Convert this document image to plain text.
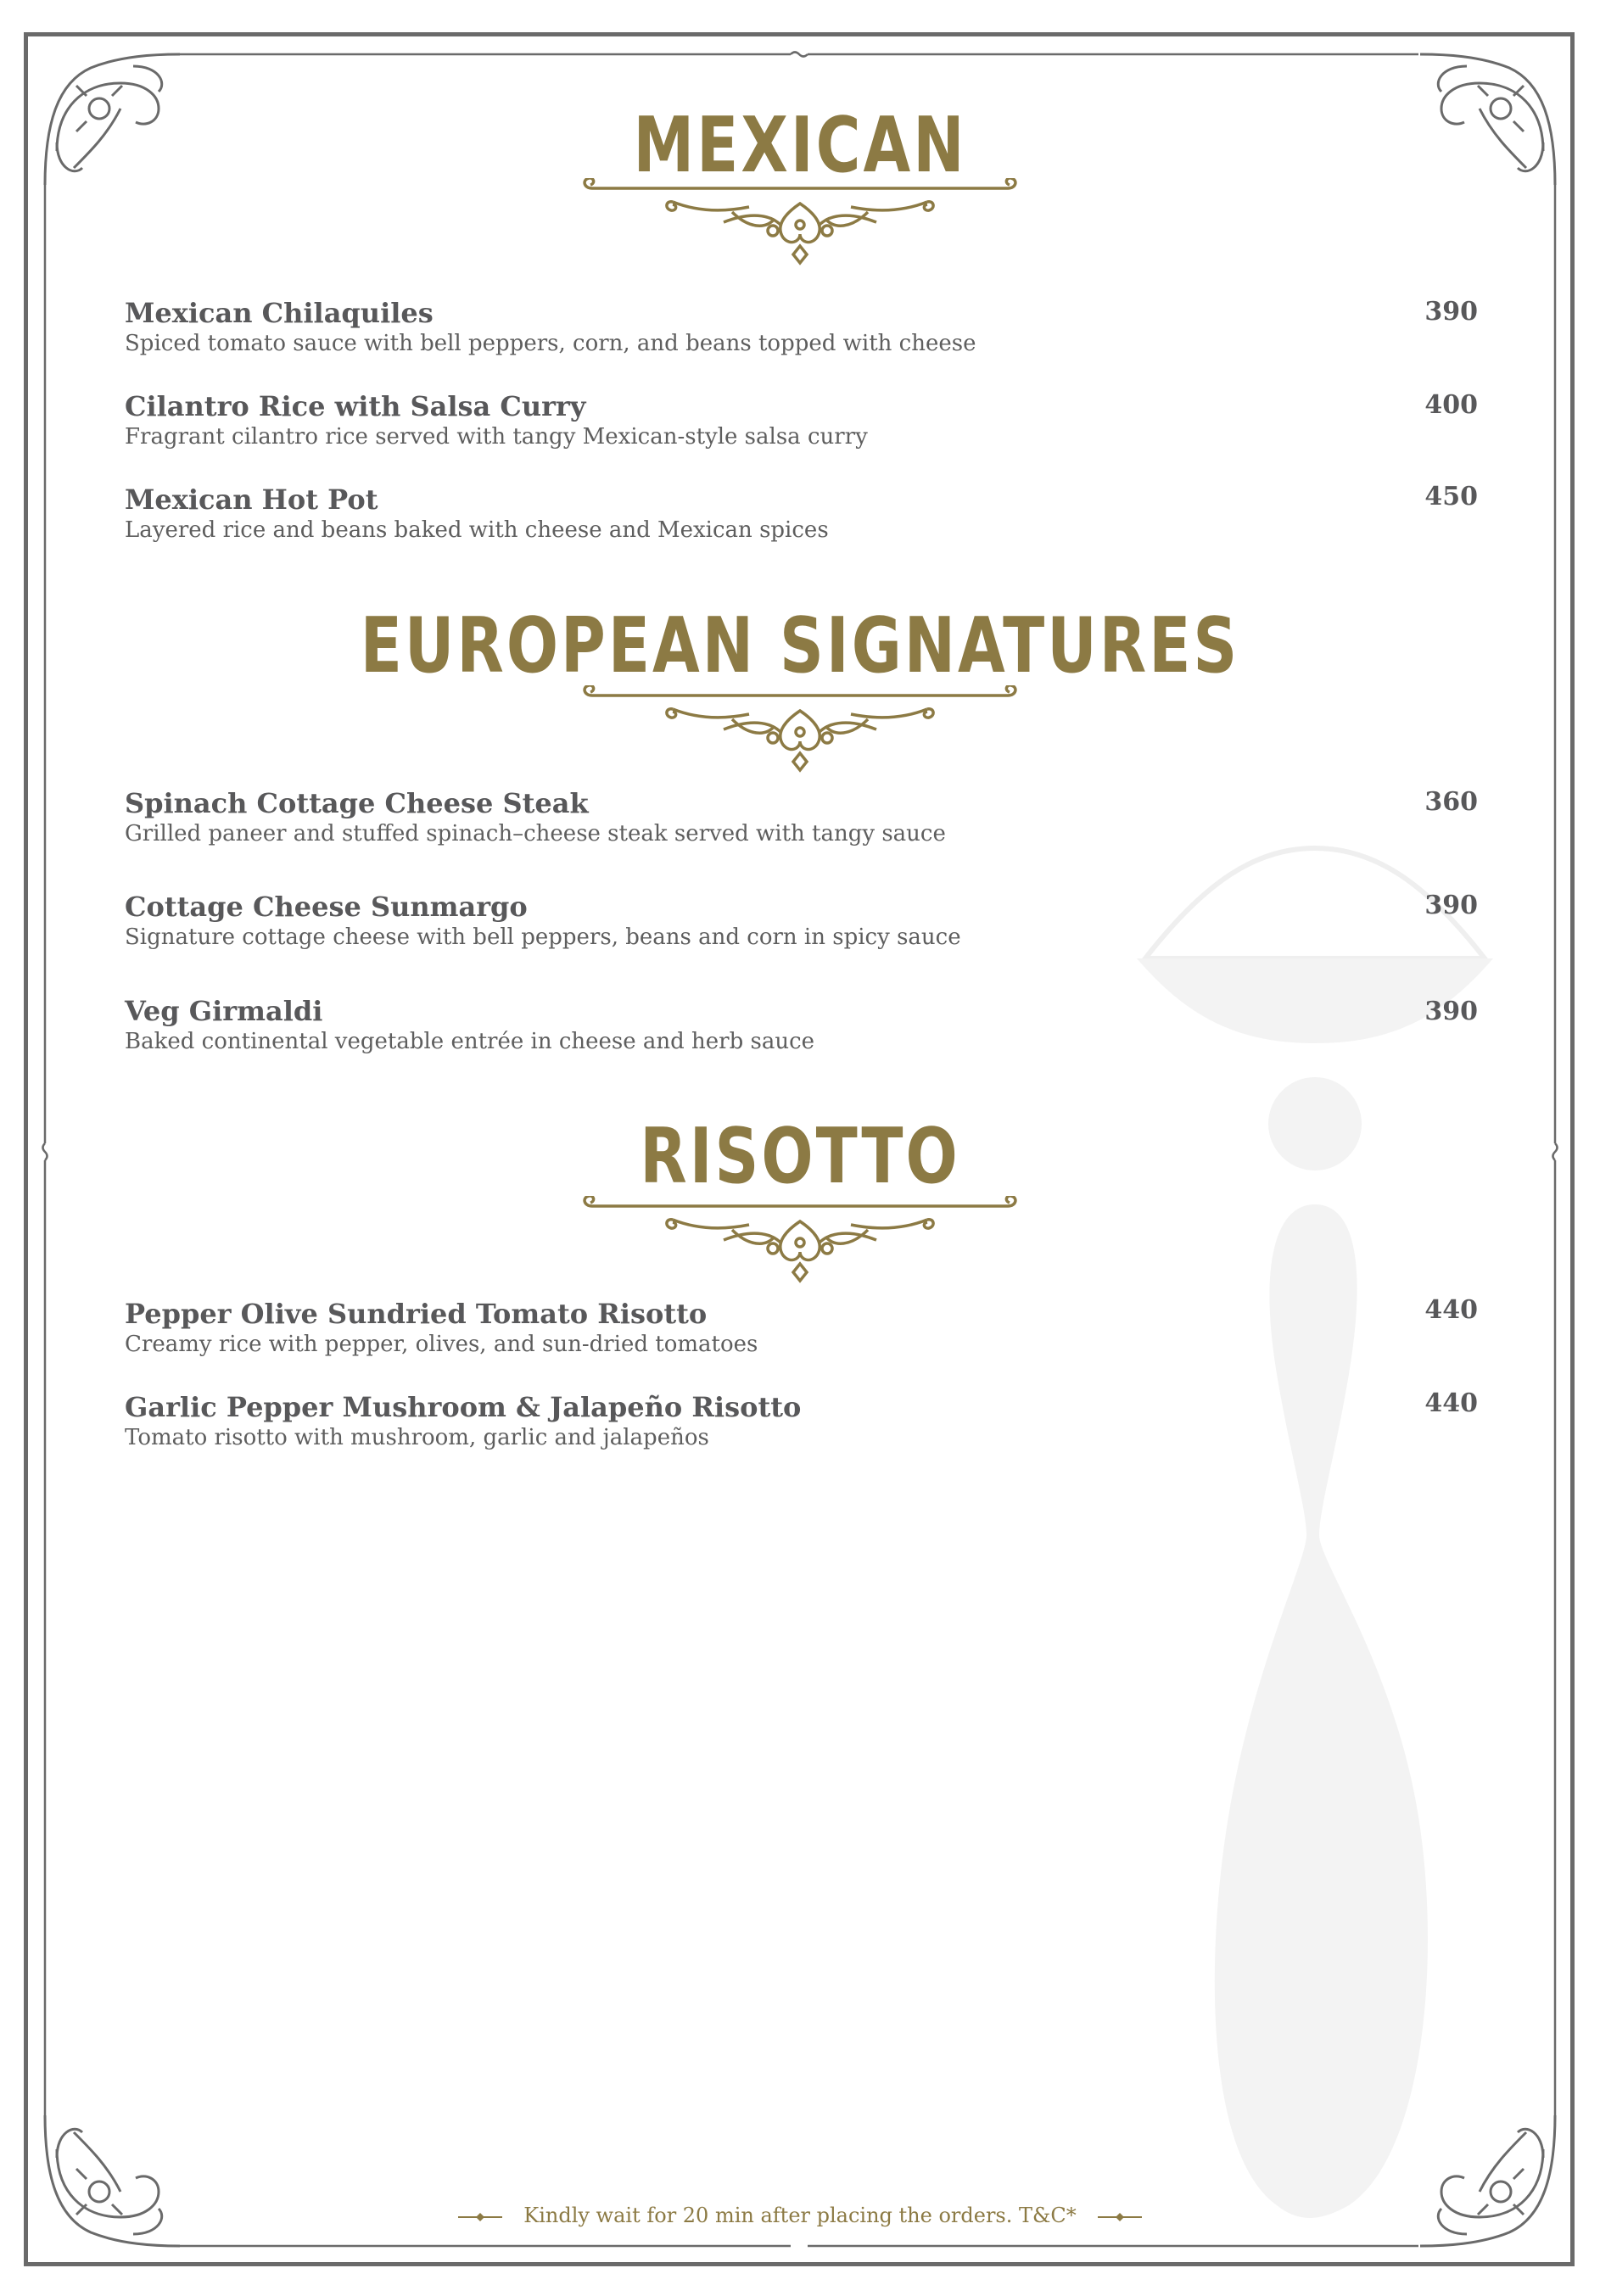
MEXICAN
Mexican Chilaquiles
Spiced tomato sauce with bell peppers, corn, and beans topped with cheese
390
Cilantro Rice with Salsa Curry
Fragrant cilantro rice served with tangy Mexican-style salsa curry
400
Mexican Hot Pot
Layered rice and beans baked with cheese and Mexican spices
450
EUROPEAN SIGNATURES
Spinach Cottage Cheese Steak
Grilled paneer and stuffed spinach–cheese steak served with tangy sauce
360
Cottage Cheese Sunmargo
Signature cottage cheese with bell peppers, beans and corn in spicy sauce
390
Veg Girmaldi
Baked continental vegetable entrée in cheese and herb sauce
390
RISOTTO
Pepper Olive Sundried Tomato Risotto
Creamy rice with pepper, olives, and sun-dried tomatoes
440
Garlic Pepper Mushroom & Jalapeño Risotto
Tomato risotto with mushroom, garlic and jalapeños
440
Kindly wait for 20 min after placing the orders. T&C*
